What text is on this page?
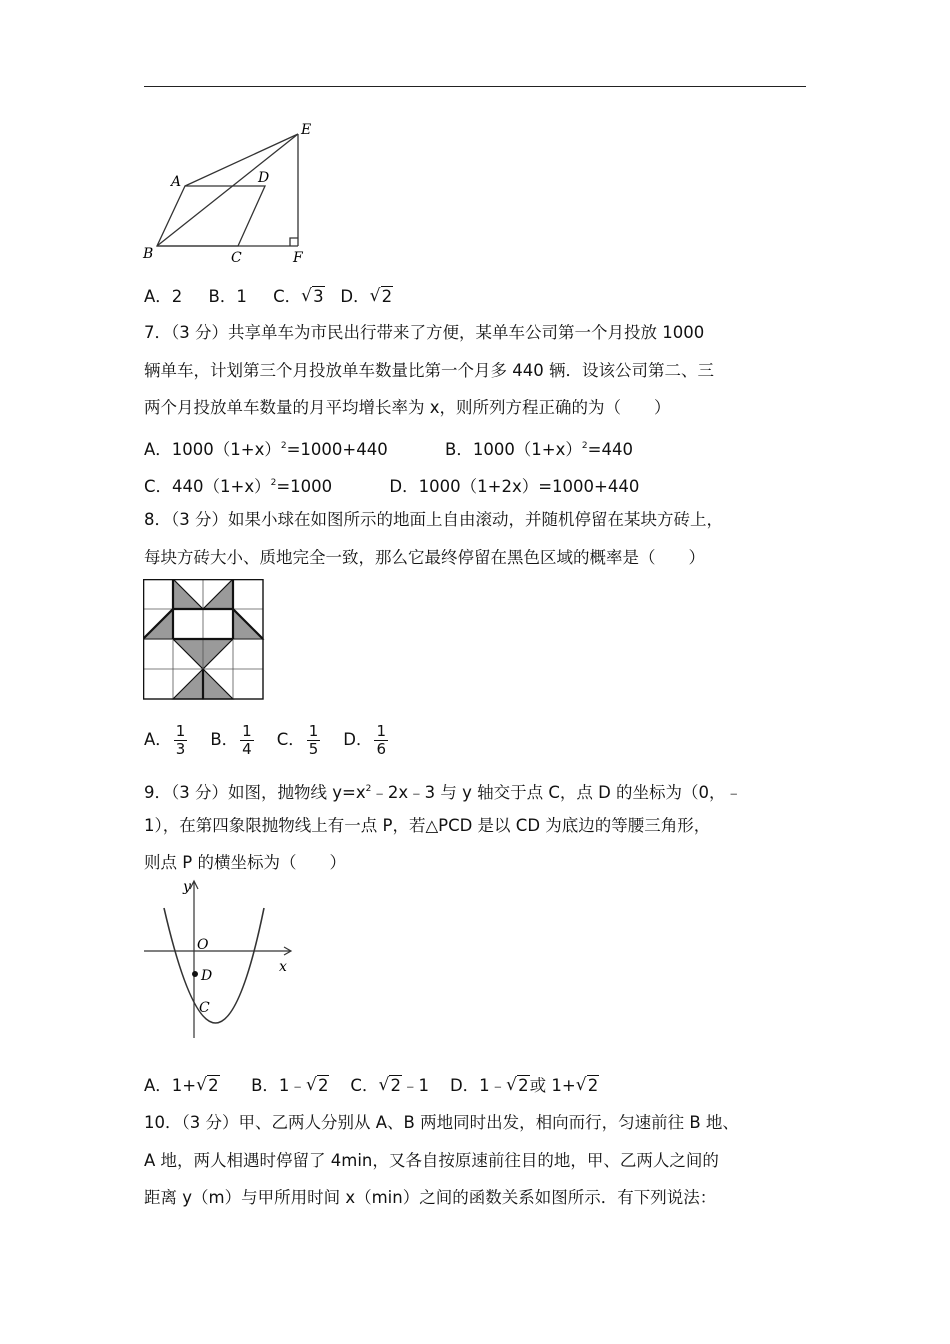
A	D
E
B	C	F
A．2 B．1 C． √ 3 D． √ 2
7．（3 分）共享单车为市民出行带来了方便，某单车公司第一个月投放 1000
辆单车，计划第三个月投放单车数量比第一个月多 440 辆．设该公司第二、三
两个月投放单车数量的月平均增长率为 x，则所列方程正确的为（　　）
A．$1000(1+x)^2=1000+440$	B．$1000(1+x)^2=440$
C．$440(1+x)^2=1000$	D．1000（1+2x）=1000+440
8．（3 分）如果小球在如图所示的地面上自由滚动，并随机停留在某块方砖上，
每块方砖大小、质地完全一致，那么它最终停留在黑色区域的概率是（　　）
A． $\frac{1}{3}$ B． $\frac{1}{4}$ C． $\frac{1}{5}$ D． $\frac{1}{6}$
9．（3 分）如图，抛物线 $y=x^2﹣2x﹣3$ 与 y 轴交于点 C，点 D 的坐标为（0，﹣
1），在第四象限抛物线上有一点 P，若△PCD 是以 CD 为底边的等腰三角形，
则点 P 的横坐标为（　　）
y
x
O
D
C
A．1+ √ 2 B．1﹣ √ 2 C． √ 2﹣1 D．1﹣ √ 2或 1+ √ 2
10．（3 分）甲、乙两人分别从 A、B 两地同时出发，相向而行，匀速前往 B 地、
A 地，两人相遇时停留了 4min，又各自按原速前往目的地，甲、乙两人之间的
距离 y（m）与甲所用时间 x（min）之间的函数关系如图所示．有下列说法：
